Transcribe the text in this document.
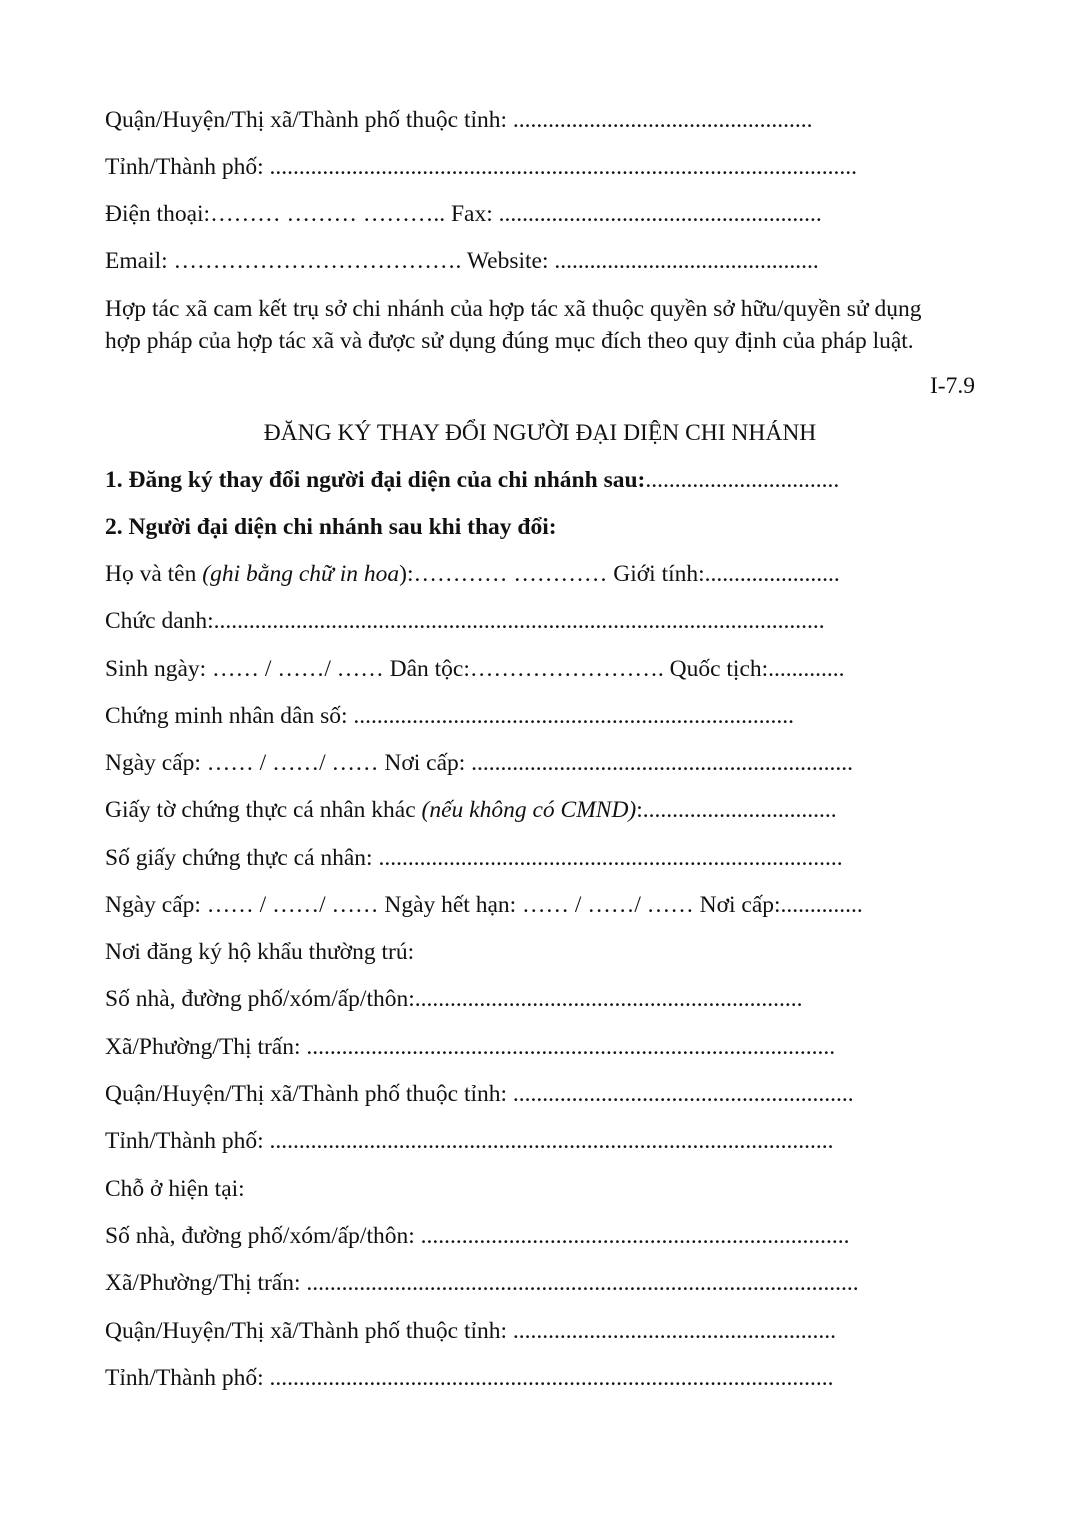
Quận/Huyện/Thị xã/Thành phố thuộc tỉnh: ...................................................
Tỉnh/Thành phố: ....................................................................................................
Điện thoại:……… ……… ……….. Fax: .......................................................
Email: ………………………………. Website: .............................................
Hợp tác xã cam kết trụ sở chi nhánh của hợp tác xã thuộc quyền sở hữu/quyền sử dụng
hợp pháp của hợp tác xã và được sử dụng đúng mục đích theo quy định của pháp luật.
I-7.9
ĐĂNG KÝ THAY ĐỔI NGƯỜI ĐẠI DIỆN CHI NHÁNH
1. Đăng ký thay đổi người đại diện của chi nhánh sau:.................................
2. Người đại diện chi nhánh sau khi thay đổi:
Họ và tên (ghi bằng chữ in hoa):………… ………… Giới tính:.......................
Chức danh:........................................................................................................
Sinh ngày: …… / ……/ …… Dân tộc:……………………. Quốc tịch:.............
Chứng minh nhân dân số: ...........................................................................
Ngày cấp: …… / ……/ …… Nơi cấp: .................................................................
Giấy tờ chứng thực cá nhân khác (nếu không có CMND):.................................
Số giấy chứng thực cá nhân: ...............................................................................
Ngày cấp: …… / ……/ …… Ngày hết hạn: …… / ……/ …… Nơi cấp:..............
Nơi đăng ký hộ khẩu thường trú:
Số nhà, đường phố/xóm/ấp/thôn:..................................................................
Xã/Phường/Thị trấn: ..........................................................................................
Quận/Huyện/Thị xã/Thành phố thuộc tỉnh: ..........................................................
Tỉnh/Thành phố: ................................................................................................
Chỗ ở hiện tại:
Số nhà, đường phố/xóm/ấp/thôn: .........................................................................
Xã/Phường/Thị trấn: ..............................................................................................
Quận/Huyện/Thị xã/Thành phố thuộc tỉnh: .......................................................
Tỉnh/Thành phố: ................................................................................................
